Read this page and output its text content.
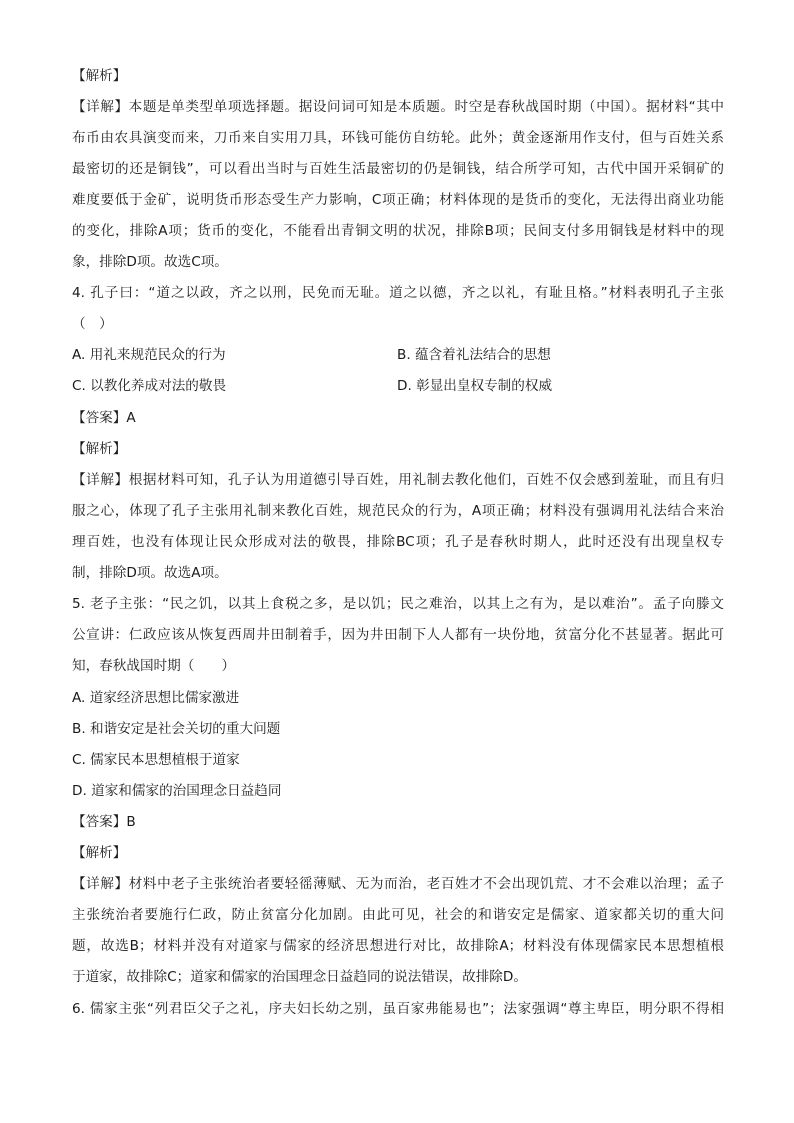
【解析】
【详解】本题是单类型单项选择题。据设问词可知是本质题。时空是春秋战国时期（中国）。据材料“其中
布币由农具演变而来，刀币来自实用刀具，环钱可能仿自纺轮。此外；黄金逐渐用作支付，但与百姓关系
最密切的还是铜钱”，可以看出当时与百姓生活最密切的仍是铜钱，结合所学可知，古代中国开采铜矿的
难度要低于金矿，说明货币形态受生产力影响，C项正确；材料体现的是货币的变化，无法得出商业功能
的变化，排除A项；货币的变化，不能看出青铜文明的状况，排除B项；民间支付多用铜钱是材料中的现
象，排除D项。故选C项。
4. 孔子曰：“道之以政，齐之以刑，民免而无耻。道之以德，齐之以礼，有耻且格。”材料表明孔子主张
（　）
A. 用礼来规范民众的行为	B. 蕴含着礼法结合的思想
C. 以教化养成对法的敬畏	D. 彰显出皇权专制的权威
【答案】A
【解析】
【详解】根据材料可知，孔子认为用道德引导百姓，用礼制去教化他们，百姓不仅会感到羞耻，而且有归
服之心，体现了孔子主张用礼制来教化百姓，规范民众的行为，A项正确；材料没有强调用礼法结合来治
理百姓，也没有体现让民众形成对法的敬畏，排除BC项；孔子是春秋时期人，此时还没有出现皇权专
制，排除D项。故选A项。
5. 老子主张：“民之饥，以其上食税之多，是以饥；民之难治，以其上之有为，是以难治”。孟子向滕文
公宣讲：仁政应该从恢复西周井田制着手，因为井田制下人人都有一块份地，贫富分化不甚显著。据此可
知，春秋战国时期（　　）
A. 道家经济思想比儒家激进
B. 和谐安定是社会关切的重大问题
C. 儒家民本思想植根于道家
D. 道家和儒家的治国理念日益趋同
【答案】B
【解析】
【详解】材料中老子主张统治者要轻徭薄赋、无为而治，老百姓才不会出现饥荒、才不会难以治理；孟子
主张统治者要施行仁政，防止贫富分化加剧。由此可见，社会的和谐安定是儒家、道家都关切的重大问
题，故选B；材料并没有对道家与儒家的经济思想进行对比，故排除A；材料没有体现儒家民本思想植根
于道家，故排除C；道家和儒家的治国理念日益趋同的说法错误，故排除D。
6. 儒家主张“列君臣父子之礼，序夫妇长幼之别，虽百家弗能易也”；法家强调“尊主卑臣，明分职不得相
